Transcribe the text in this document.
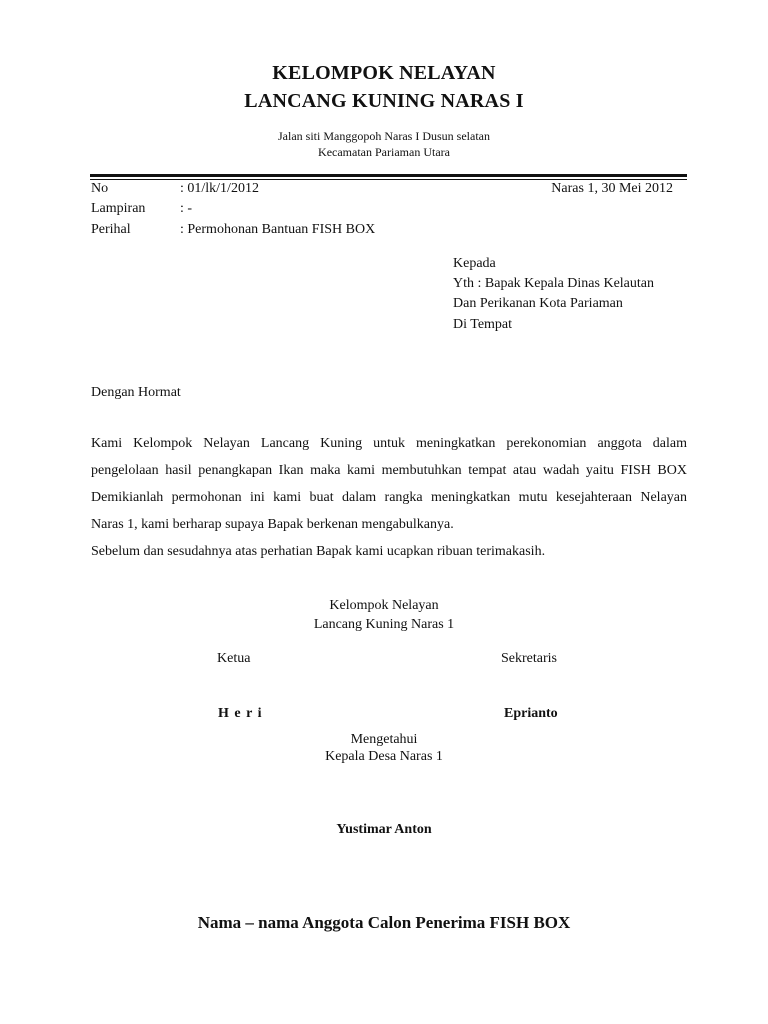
KELOMPOK NELAYAN
LANCANG KUNING NARAS I
Jalan siti Manggopoh Naras I Dusun selatan
Kecamatan Pariaman Utara
No	: 01/lk/1/2012	Naras 1, 30 Mei 2012
Lampiran : -
Perihal	: Permohonan Bantuan FISH BOX
Kepada
Yth : Bapak Kepala Dinas Kelautan
Dan Perikanan Kota Pariaman
Di Tempat
Dengan Hormat
Kami Kelompok Nelayan Lancang Kuning untuk meningkatkan perekonomian anggota dalam
pengelolaan hasil penangkapan Ikan maka kami membutuhkan tempat atau wadah yaitu FISH BOX
Demikianlah permohonan ini kami buat dalam rangka meningkatkan mutu kesejahteraan Nelayan
Naras 1, kami berharap supaya Bapak berkenan mengabulkanya.
Sebelum dan sesudahnya atas perhatian Bapak kami ucapkan ribuan terimakasih.
Kelompok Nelayan
Lancang Kuning Naras 1
Ketua	Sekretaris
H e r i	Eprianto
Mengetahui
Kepala Desa Naras 1
Yustimar Anton
Nama – nama Anggota Calon Penerima FISH BOX
